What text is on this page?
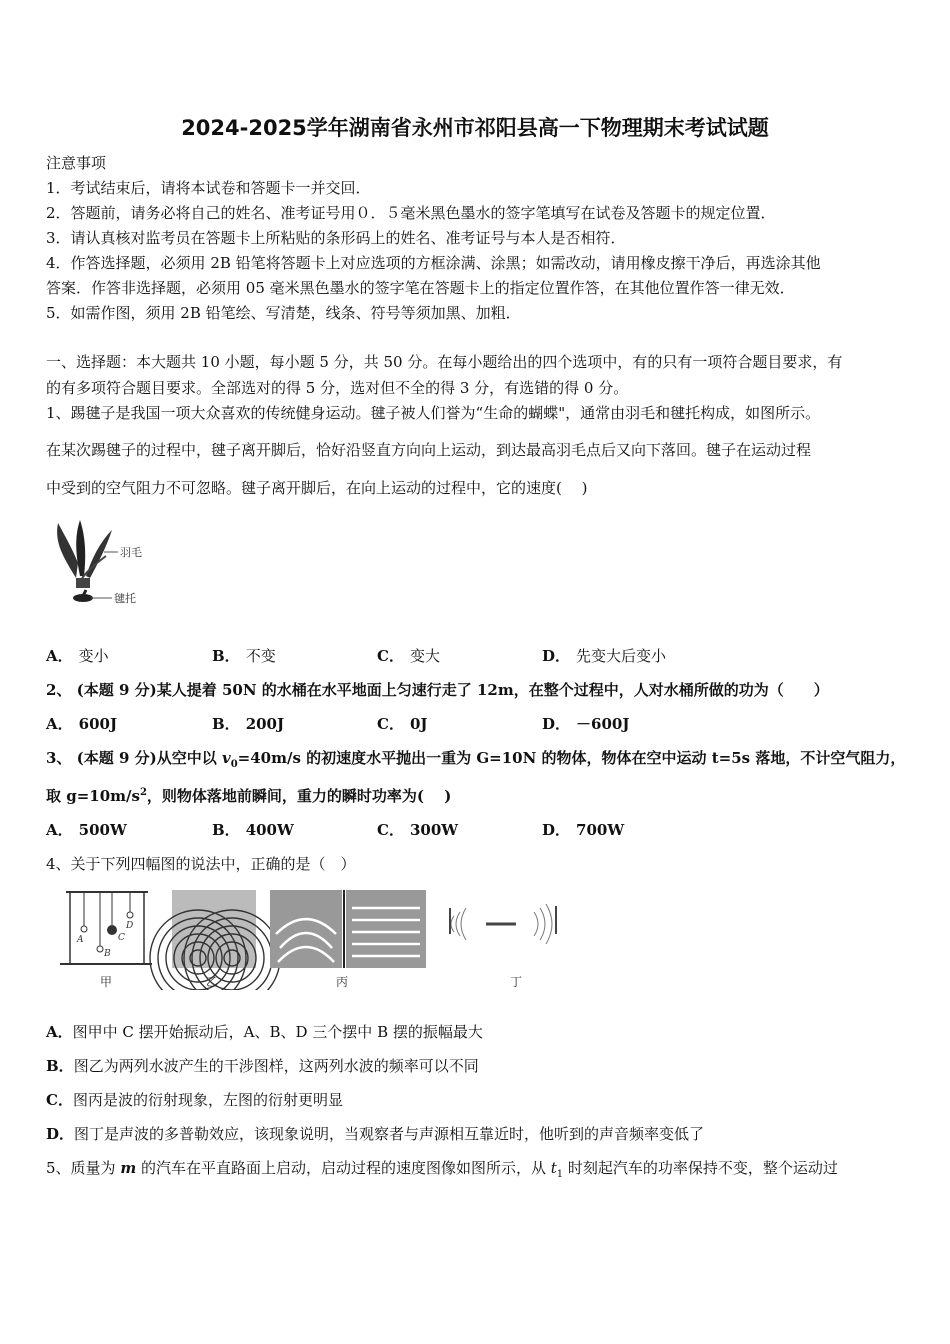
2024-2025学年湖南省永州市祁阳县高一下物理期末考试试题
注意事项
1．考试结束后，请将本试卷和答题卡一并交回．
2．答题前，请务必将自己的姓名、准考证号用０．５毫米黑色墨水的签字笔填写在试卷及答题卡的规定位置．
3．请认真核对监考员在答题卡上所粘贴的条形码上的姓名、准考证号与本人是否相符．
4．作答选择题，必须用 2B 铅笔将答题卡上对应选项的方框涂满、涂黑；如需改动，请用橡皮擦干净后，再选涂其他
答案．作答非选择题，必须用 05 毫米黑色墨水的签字笔在答题卡上的指定位置作答，在其他位置作答一律无效．
5．如需作图，须用 2B 铅笔绘、写清楚，线条、符号等须加黑、加粗．
一、选择题：本大题共 10 小题，每小题 5 分，共 50 分。在每小题给出的四个选项中，有的只有一项符合题目要求，有
的有多项符合题目要求。全部选对的得 5 分，选对但不全的得 3 分，有选错的得 0 分。
1、踢毽子是我国一项大众喜欢的传统健身运动。毽子被人们誉为“生命的蝴蝶"，通常由羽毛和毽托构成，如图所示。
在某次踢毽子的过程中，毽子离开脚后，恰好沿竖直方向向上运动，到达最高羽毛点后又向下落回。毽子在运动过程
中受到的空气阻力不可忽略。毽子离开脚后，在向上运动的过程中，它的速度(　 )
羽毛
毽托
A． 变小	B． 不变	C． 变大	D． 先变大后变小
2、 (本题 9 分)某人提着 50N 的水桶在水平地面上匀速行走了 12m，在整个过程中，人对水桶所做的功为（　　）
A． 600J	B． 200J	C． 0J	D． －600J
3、 (本题 9 分)从空中以 $v_0=40m/s$ 的初速度水平抛出一重为 G=10N 的物体，物体在空中运动 t=5s 落地，不计空气阻力，
取 $g=10m/s^2$，则物体落地前瞬间，重力的瞬时功率为(　 )
A． 500W	B． 400W	C． 300W	D． 700W
4、关于下列四幅图的说法中，正确的是（　）
A
B
C
D
甲	乙	丙	丁
A．图甲中 C 摆开始振动后，A、B、D 三个摆中 B 摆的振幅最大
B．图乙为两列水波产生的干涉图样，这两列水波的频率可以不同
C．图丙是波的衍射现象，左图的衍射更明显
D．图丁是声波的多普勒效应，该现象说明，当观察者与声源相互靠近时，他听到的声音频率变低了
5、质量为 m 的汽车在平直路面上启动，启动过程的速度图像如图所示，从 $t_1$ 时刻起汽车的功率保持不变，整个运动过
